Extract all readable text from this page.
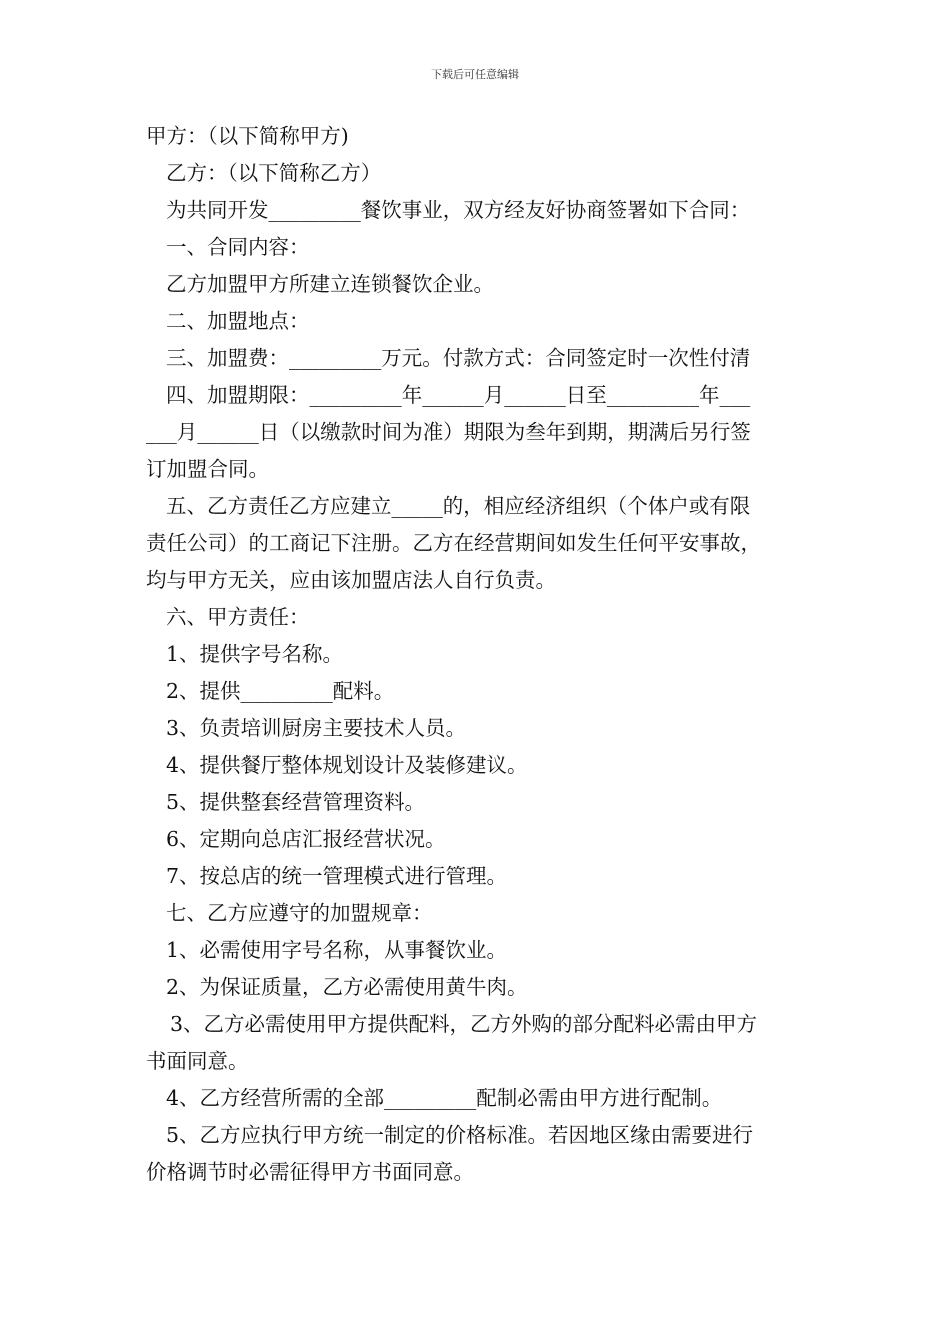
下载后可任意编辑
甲方：（以下简称甲方)
乙方：（以下简称乙方）
为共同开发_________餐饮事业，双方经友好协商签署如下合同：
一、合同内容：
乙方加盟甲方所建立连锁餐饮企业。
二、加盟地点：
三、加盟费：_________万元。付款方式：合同签定时一次性付清
四、加盟期限：_________年______月______日至_________年___
___月______日（以缴款时间为准）期限为叁年到期，期满后另行签
订加盟合同。
五、乙方责任乙方应建立_____的，相应经济组织（个体户或有限
责任公司）的工商记下注册。乙方在经营期间如发生任何平安事故，
均与甲方无关，应由该加盟店法人自行负责。
六、甲方责任：
1、提供字号名称。
2、提供_________配料。
3、负责培训厨房主要技术人员。
4、提供餐厅整体规划设计及装修建议。
5、提供整套经营管理资料。
6、定期向总店汇报经营状况。
7、按总店的统一管理模式进行管理。
七、乙方应遵守的加盟规章：
1、必需使用字号名称，从事餐饮业。
2、为保证质量，乙方必需使用黄牛肉。
3、乙方必需使用甲方提供配料，乙方外购的部分配料必需由甲方
书面同意。
4、乙方经营所需的全部_________配制必需由甲方进行配制。
5、乙方应执行甲方统一制定的价格标准。若因地区缘由需要进行
价格调节时必需征得甲方书面同意。
